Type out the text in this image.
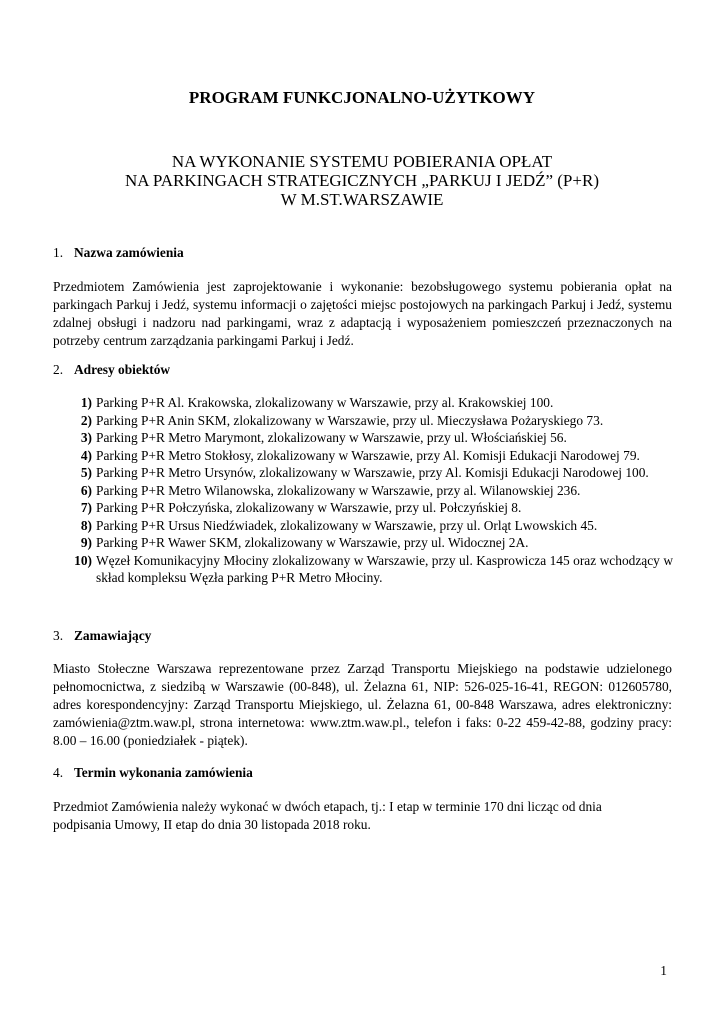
PROGRAM FUNKCJONALNO-UŻYTKOWY
NA WYKONANIE SYSTEMU POBIERANIA OPŁAT
NA PARKINGACH STRATEGICZNYCH „PARKUJ I JEDŹ” (P+R)
W M.ST.WARSZAWIE
1. Nazwa zamówienia
Przedmiotem Zamówienia jest zaprojektowanie i wykonanie: bezobsługowego systemu pobierania opłat na parkingach Parkuj i Jedź, systemu informacji o zajętości miejsc postojowych na parkingach Parkuj i Jedź, systemu zdalnej obsługi i nadzoru nad parkingami, wraz z adaptacją i wyposażeniem pomieszczeń przeznaczonych na potrzeby centrum zarządzania parkingami Parkuj i Jedź.
2. Adresy obiektów
1) Parking P+R Al. Krakowska, zlokalizowany w Warszawie, przy al. Krakowskiej 100.
2) Parking P+R Anin SKM, zlokalizowany w Warszawie, przy ul. Mieczysława Pożaryskiego 73.
3) Parking P+R Metro Marymont, zlokalizowany w Warszawie, przy ul. Włościańskiej 56.
4) Parking P+R Metro Stokłosy, zlokalizowany w Warszawie, przy Al. Komisji Edukacji Narodowej 79.
5) Parking P+R Metro Ursynów, zlokalizowany w Warszawie, przy Al. Komisji Edukacji Narodowej 100.
6) Parking P+R Metro Wilanowska, zlokalizowany w Warszawie, przy al. Wilanowskiej 236.
7) Parking P+R Połczyńska, zlokalizowany w Warszawie, przy ul. Połczyńskiej 8.
8) Parking P+R Ursus Niedźwiadek, zlokalizowany w Warszawie, przy ul. Orląt Lwowskich 45.
9) Parking P+R Wawer SKM, zlokalizowany w Warszawie, przy ul. Widocznej 2A.
10) Węzeł Komunikacyjny Młociny zlokalizowany w Warszawie, przy ul. Kasprowicza 145 oraz wchodzący w skład kompleksu Węzła parking P+R Metro Młociny.
3. Zamawiający
Miasto Stołeczne Warszawa reprezentowane przez Zarząd Transportu Miejskiego na podstawie udzielonego pełnomocnictwa, z siedzibą w Warszawie (00-848), ul. Żelazna 61, NIP: 526-025-16-41, REGON: 012605780, adres korespondencyjny: Zarząd Transportu Miejskiego, ul. Żelazna 61, 00-848 Warszawa, adres elektroniczny: zamówienia@ztm.waw.pl, strona internetowa: www.ztm.waw.pl., telefon i faks: 0-22 459-42-88, godziny pracy: 8.00 – 16.00 (poniedziałek - piątek).
4. Termin wykonania zamówienia
Przedmiot Zamówienia należy wykonać w dwóch etapach, tj.: I etap w terminie 170 dni licząc od dnia
podpisania Umowy, II etap do dnia 30 listopada 2018 roku.
1
